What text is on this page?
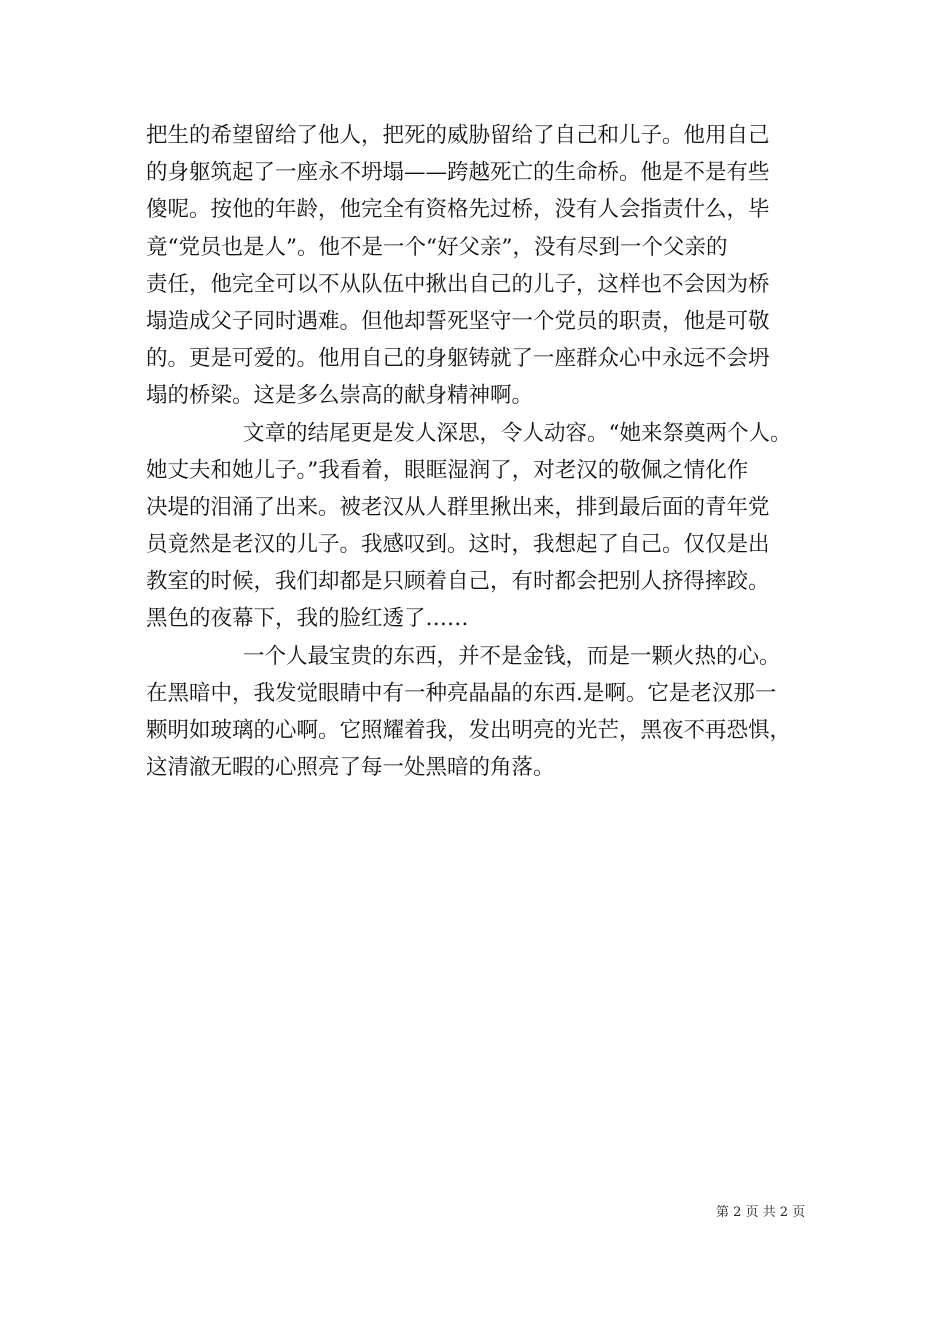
把生的希望留给了他人，把死的威胁留给了自己和儿子。他用自己
的身躯筑起了一座永不坍塌——跨越死亡的生命桥。他是不是有些
傻呢。按他的年龄，他完全有资格先过桥，没有人会指责什么，毕
竟“党员也是人”。他不是一个“好父亲”，没有尽到一个父亲的
责任，他完全可以不从队伍中揪出自己的儿子，这样也不会因为桥
塌造成父子同时遇难。但他却誓死坚守一个党员的职责，他是可敬
的。更是可爱的。他用自己的身躯铸就了一座群众心中永远不会坍
塌的桥梁。这是多么崇高的献身精神啊。
文章的结尾更是发人深思，令人动容。“她来祭奠两个人。
她丈夫和她儿子。”我看着，眼眶湿润了，对老汉的敬佩之情化作
决堤的泪涌了出来。被老汉从人群里揪出来，排到最后面的青年党
员竟然是老汉的儿子。我感叹到。这时，我想起了自己。仅仅是出
教室的时候，我们却都是只顾着自己，有时都会把别人挤得摔跤。
黑色的夜幕下，我的脸红透了……
一个人最宝贵的东西，并不是金钱，而是一颗火热的心。
在黑暗中，我发觉眼睛中有一种亮晶晶的东西.是啊。它是老汉那一
颗明如玻璃的心啊。它照耀着我，发出明亮的光芒，黑夜不再恐惧，
这清澈无暇的心照亮了每一处黑暗的角落。
第 2 页 共 2 页
